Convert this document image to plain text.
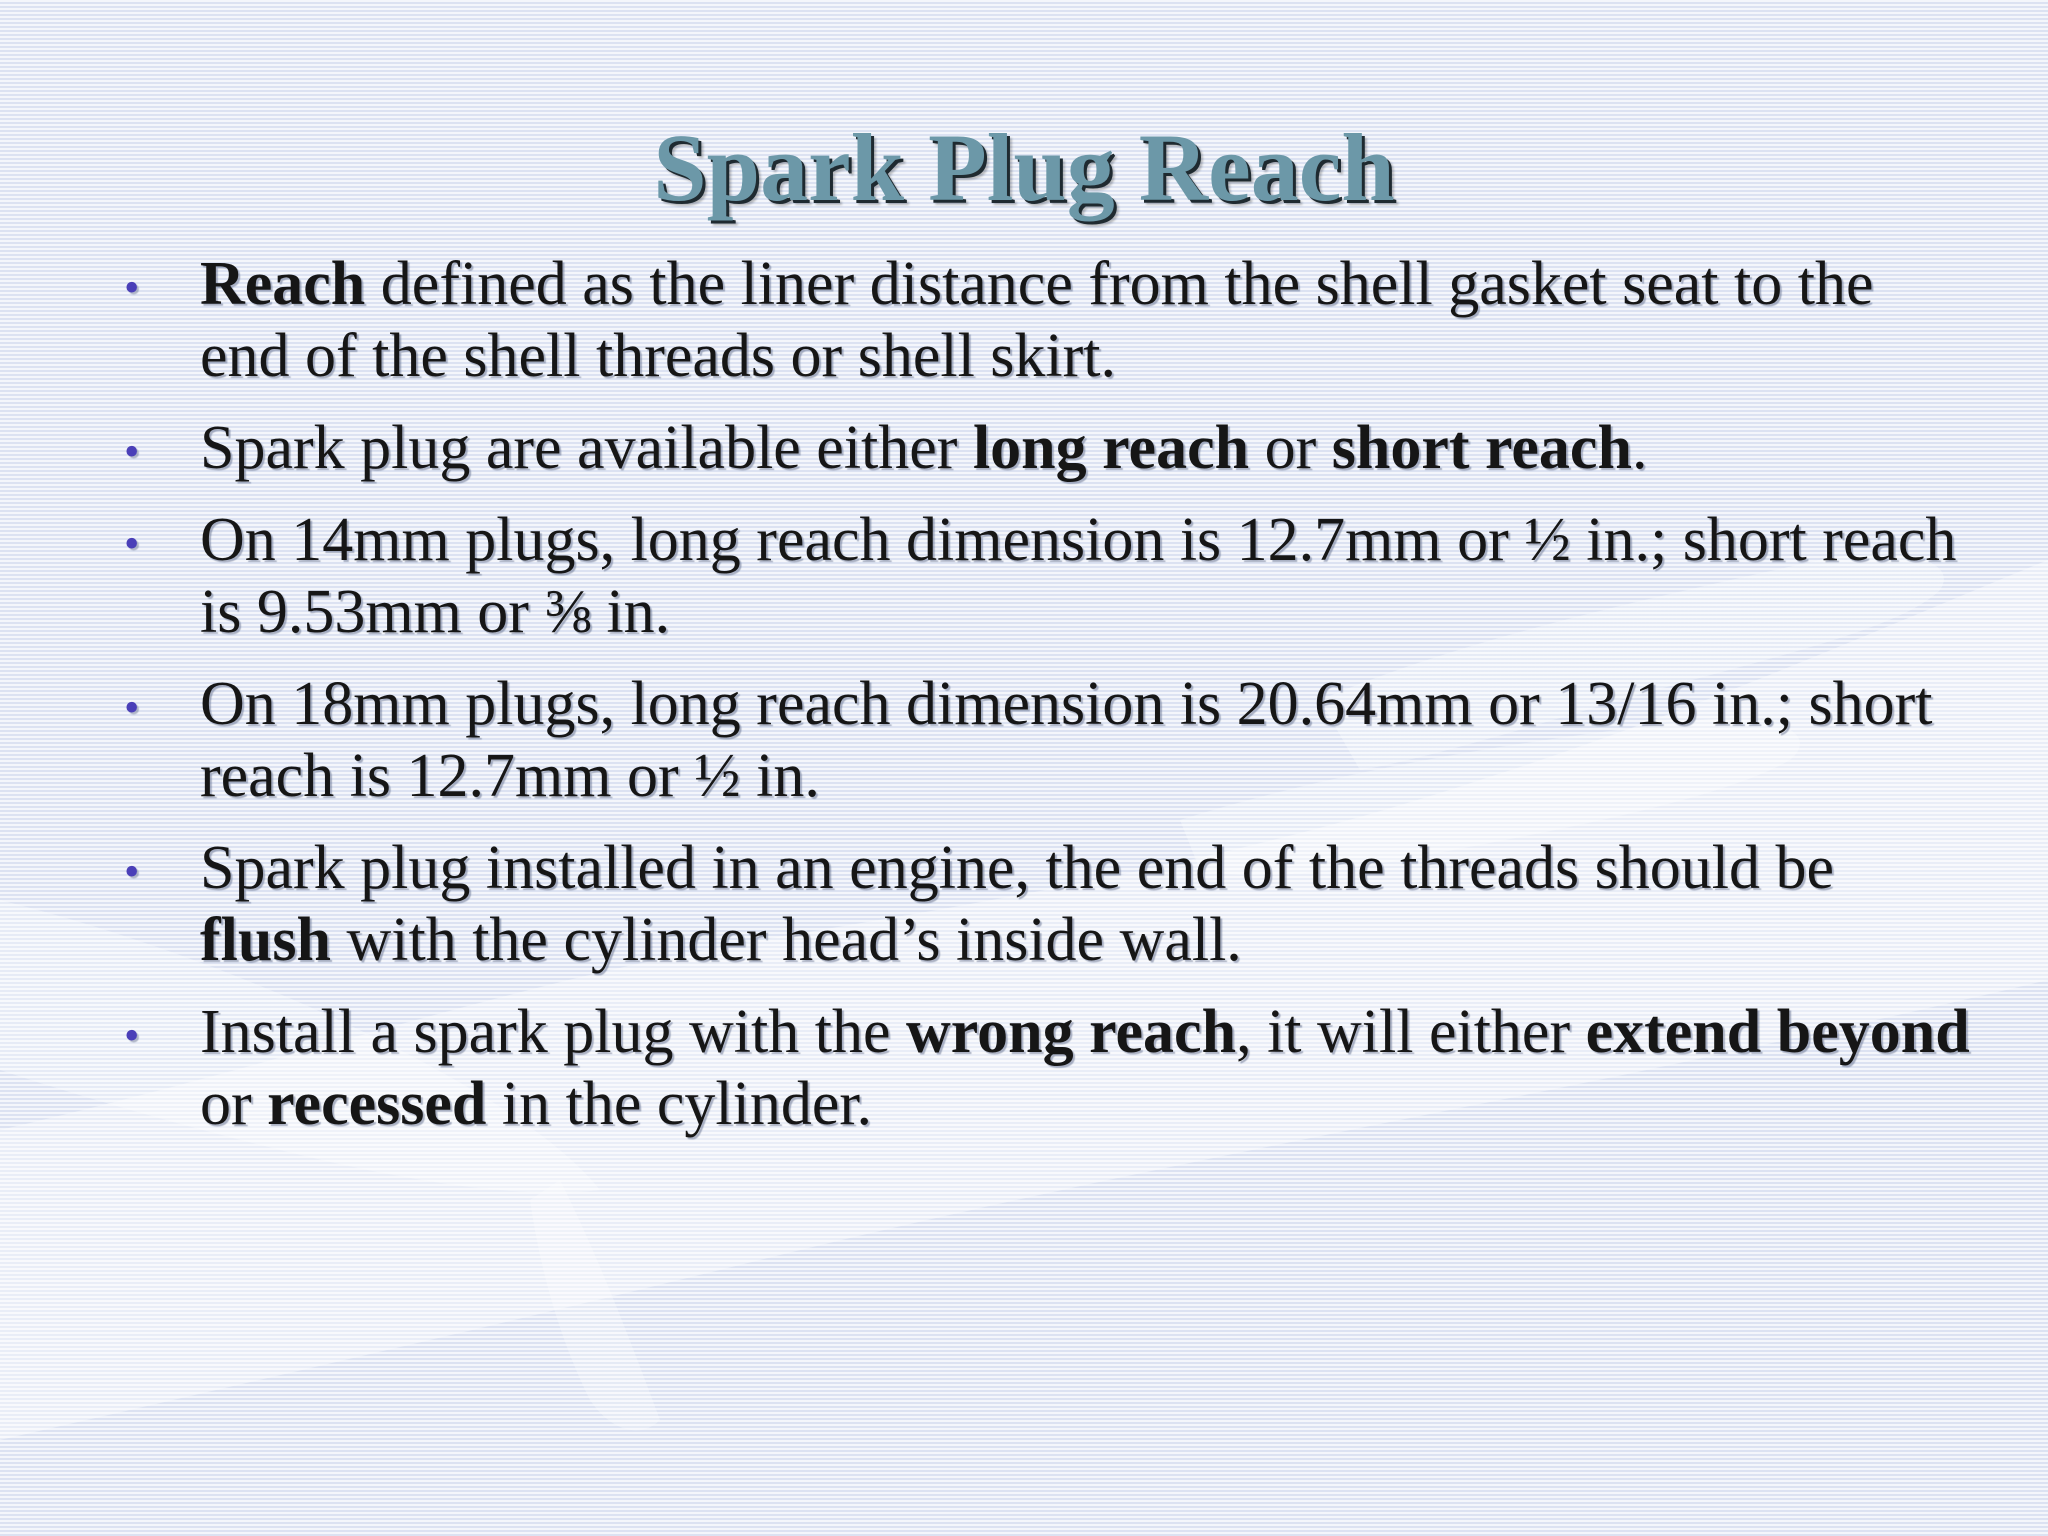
Spark Plug Reach
• Reach defined as the liner distance from the shell gasket seat to the end of the shell threads or shell skirt.
• Spark plug are available either long reach or short reach.
• On 14mm plugs, long reach dimension is 12.7mm or ½ in.; short reach is 9.53mm or ⅜ in.
• On 18mm plugs, long reach dimension is 20.64mm or 13/16 in.; short reach is 12.7mm or ½ in.
• Spark plug installed in an engine, the end of the threads should be flush with the cylinder head’s inside wall.
• Install a spark plug with the wrong reach, it will either extend beyond or recessed in the cylinder.
